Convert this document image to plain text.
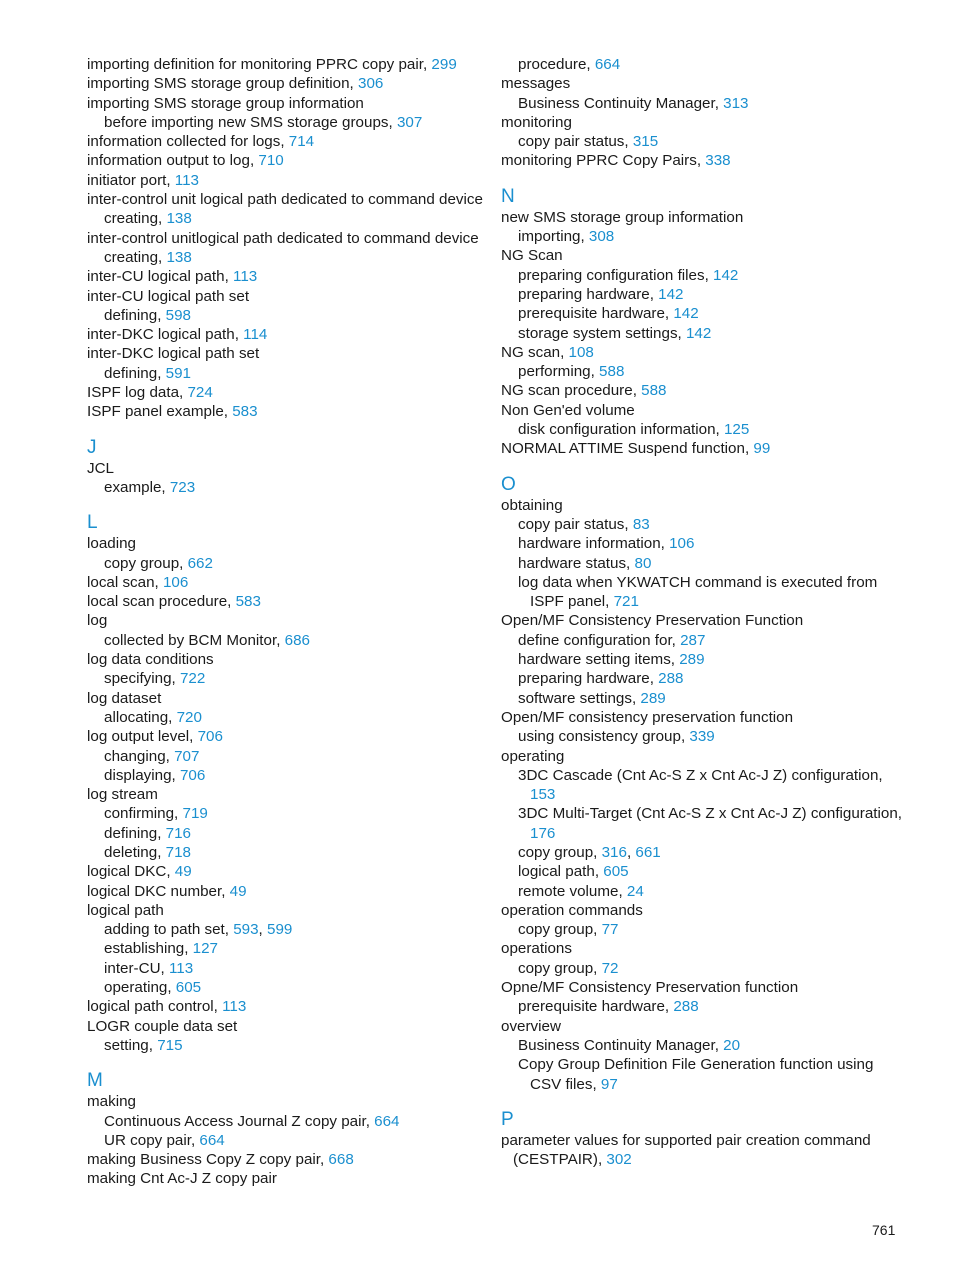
importing definition for monitoring PPRC copy pair, 299
importing SMS storage group definition, 306
importing SMS storage group information
before importing new SMS storage groups, 307
information collected for logs, 714
information output to log, 710
initiator port, 113
inter-control unit logical path dedicated to command device
creating, 138
inter-control unitlogical path dedicated to command device
creating, 138
inter-CU logical path, 113
inter-CU logical path set
defining, 598
inter-DKC logical path, 114
inter-DKC logical path set
defining, 591
ISPF log data, 724
ISPF panel example, 583
J
JCL
example, 723
L
loading
copy group, 662
local scan, 106
local scan procedure, 583
log
collected by BCM Monitor, 686
log data conditions
specifying, 722
log dataset
allocating, 720
log output level, 706
changing, 707
displaying, 706
log stream
confirming, 719
defining, 716
deleting, 718
logical DKC, 49
logical DKC number, 49
logical path
adding to path set, 593, 599
establishing, 127
inter-CU, 113
operating, 605
logical path control, 113
LOGR couple data set
setting, 715
M
making
Continuous Access Journal Z copy pair, 664
UR copy pair, 664
making Business Copy Z copy pair, 668
making Cnt Ac-J Z copy pair
procedure, 664
messages
Business Continuity Manager, 313
monitoring
copy pair status, 315
monitoring PPRC Copy Pairs, 338
N
new SMS storage group information
importing, 308
NG Scan
preparing configuration files, 142
preparing hardware, 142
prerequisite hardware, 142
storage system settings, 142
NG scan, 108
performing, 588
NG scan procedure, 588
Non Gen'ed volume
disk configuration information, 125
NORMAL ATTIME Suspend function, 99
O
obtaining
copy pair status, 83
hardware information, 106
hardware status, 80
log data when YKWATCH command is executed from
ISPF panel, 721
Open/MF Consistency Preservation Function
define configuration for, 287
hardware setting items, 289
preparing hardware, 288
software settings, 289
Open/MF consistency preservation function
using consistency group, 339
operating
3DC Cascade (Cnt Ac-S Z x Cnt Ac-J Z) configuration,
153
3DC Multi-Target (Cnt Ac-S Z x Cnt Ac-J Z) configuration,
176
copy group, 316, 661
logical path, 605
remote volume, 24
operation commands
copy group, 77
operations
copy group, 72
Opne/MF Consistency Preservation function
prerequisite hardware, 288
overview
Business Continuity Manager, 20
Copy Group Definition File Generation function using
CSV files, 97
P
parameter values for supported pair creation command
(CESTPAIR), 302
761
